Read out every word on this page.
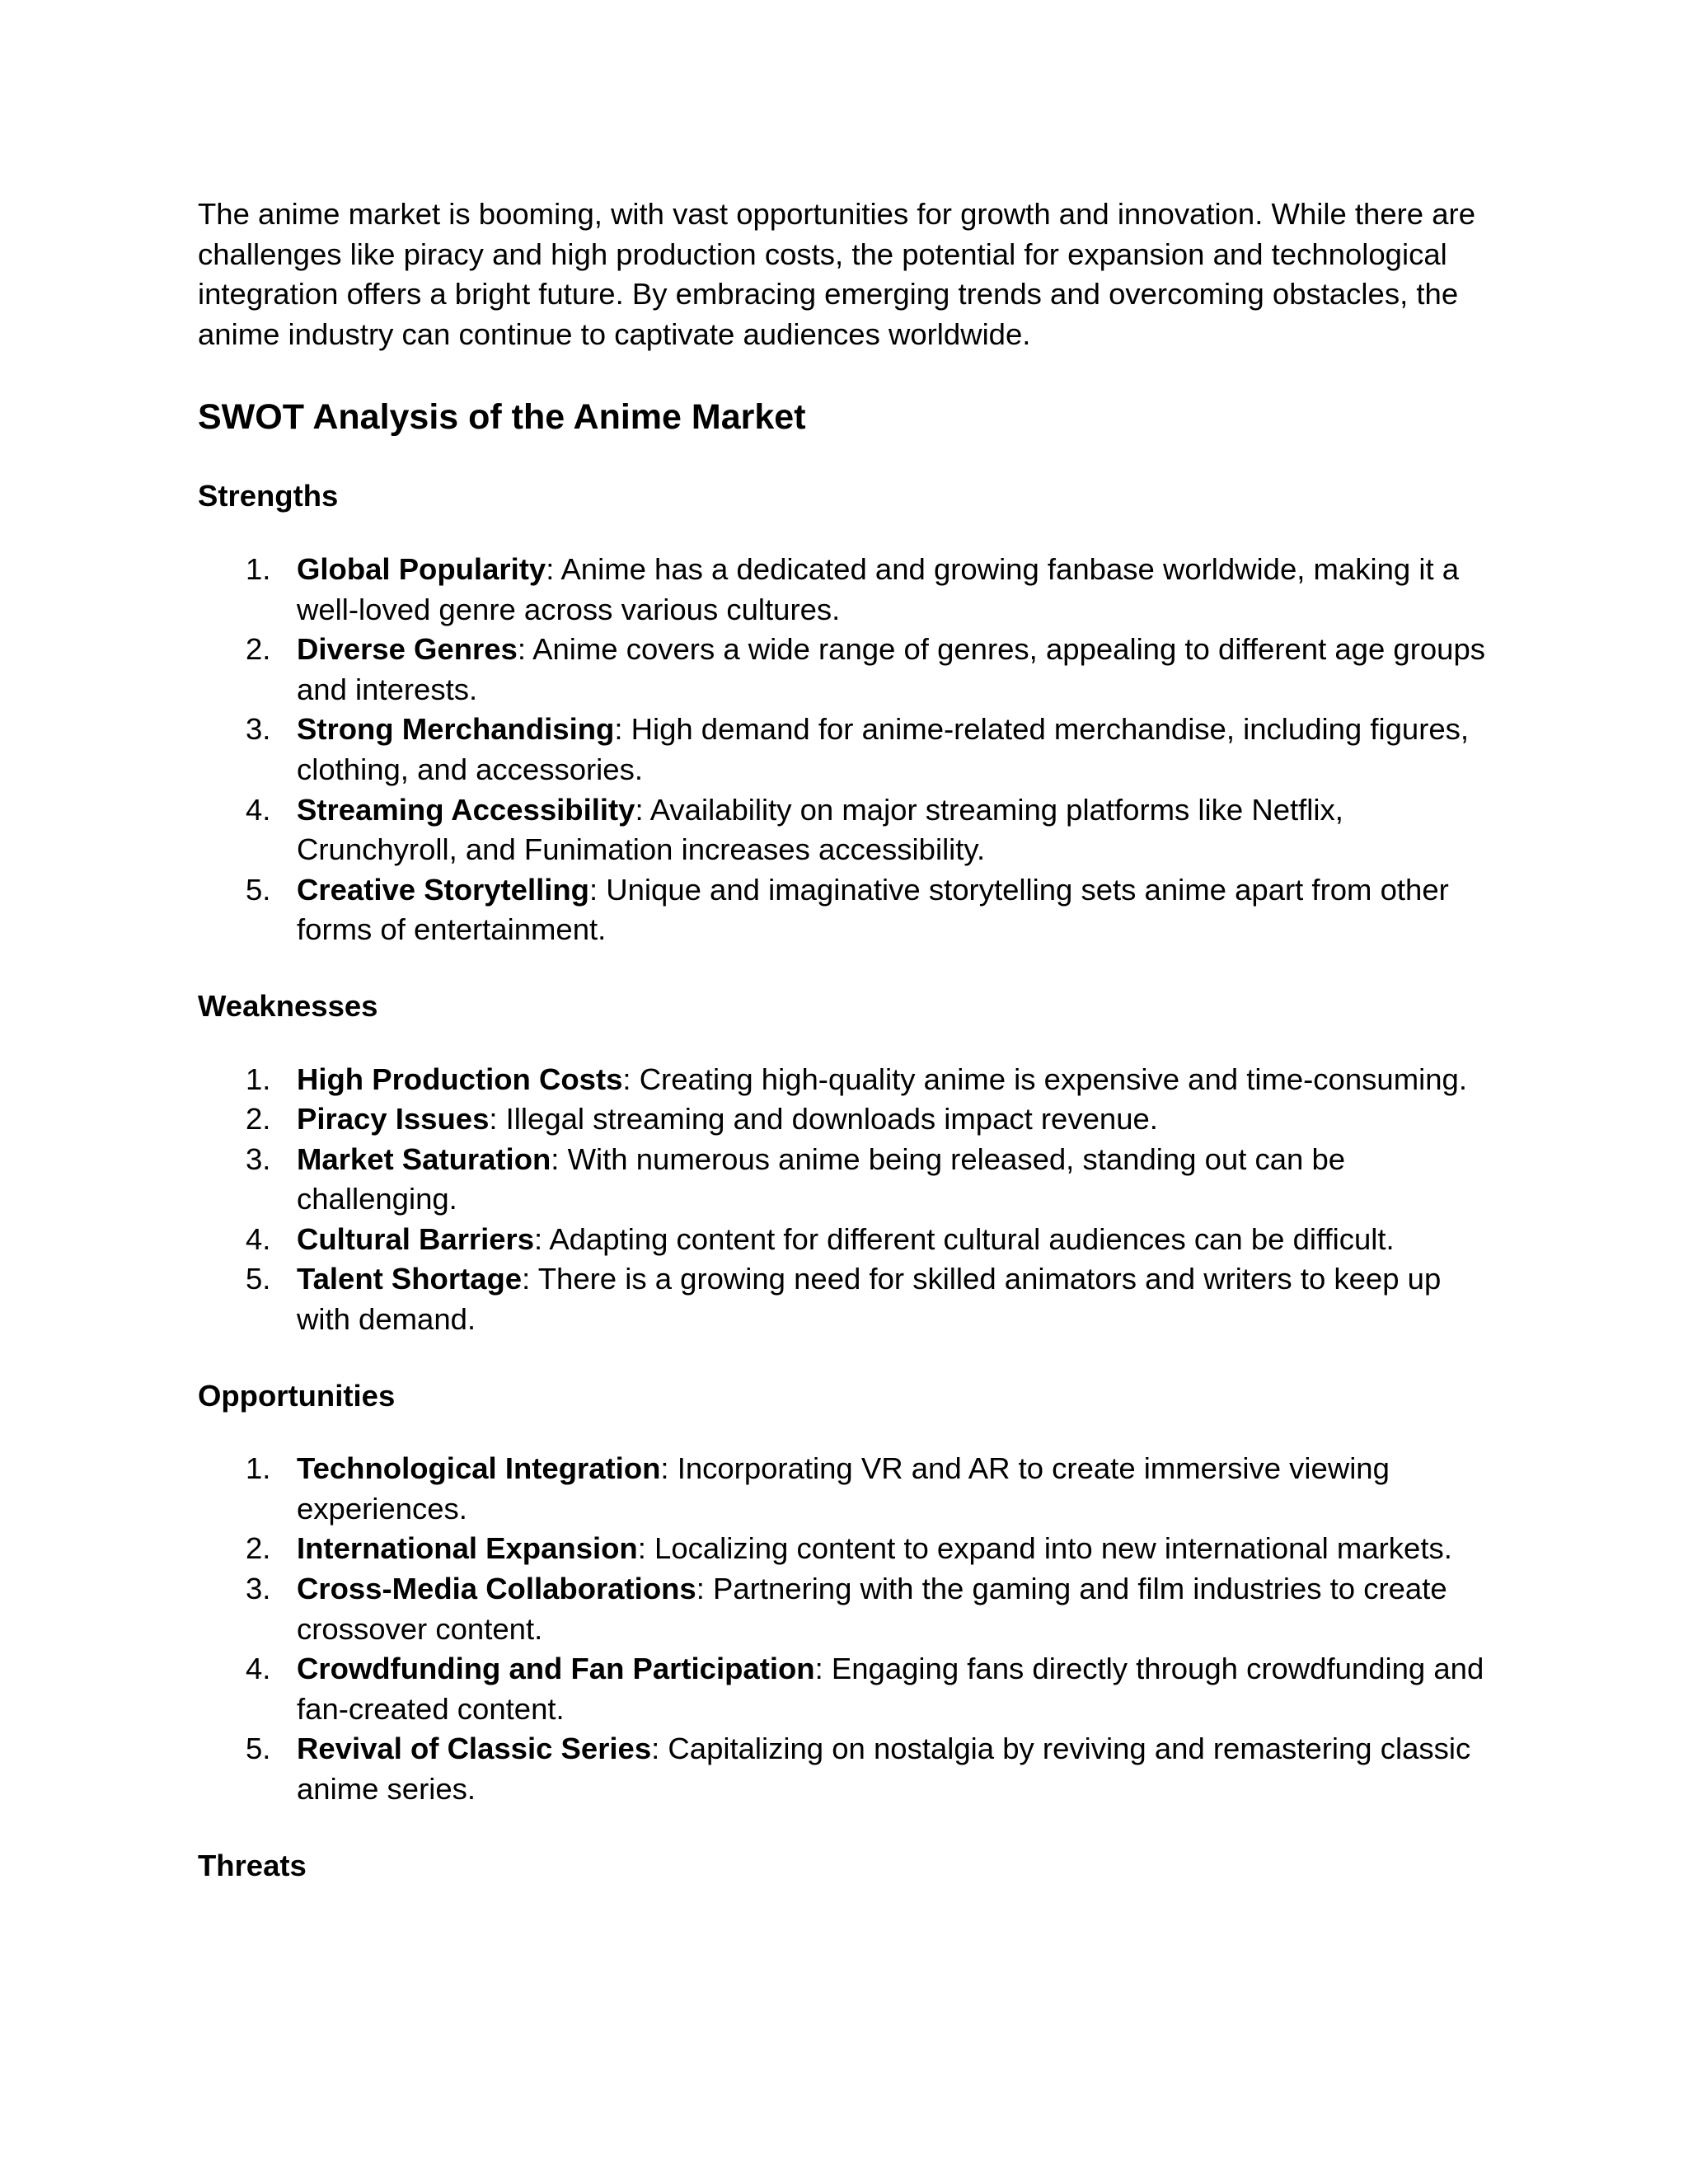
The anime market is booming, with vast opportunities for growth and innovation. While there are challenges like piracy and high production costs, the potential for expansion and technological integration offers a bright future. By embracing emerging trends and overcoming obstacles, the anime industry can continue to captivate audiences worldwide.

SWOT Analysis of the Anime Market
Strengths
1. Global Popularity: Anime has a dedicated and growing fanbase worldwide, making it a well-loved genre across various cultures.
2. Diverse Genres: Anime covers a wide range of genres, appealing to different age groups and interests.
3. Strong Merchandising: High demand for anime-related merchandise, including figures, clothing, and accessories.
4. Streaming Accessibility: Availability on major streaming platforms like Netflix, Crunchyroll, and Funimation increases accessibility.
5. Creative Storytelling: Unique and imaginative storytelling sets anime apart from other forms of entertainment.
Weaknesses
1. High Production Costs: Creating high-quality anime is expensive and time-consuming.
2. Piracy Issues: Illegal streaming and downloads impact revenue.
3. Market Saturation: With numerous anime being released, standing out can be challenging.
4. Cultural Barriers: Adapting content for different cultural audiences can be difficult.
5. Talent Shortage: There is a growing need for skilled animators and writers to keep up with demand.
Opportunities
1. Technological Integration: Incorporating VR and AR to create immersive viewing experiences.
2. International Expansion: Localizing content to expand into new international markets.
3. Cross-Media Collaborations: Partnering with the gaming and film industries to create crossover content.
4. Crowdfunding and Fan Participation: Engaging fans directly through crowdfunding and fan-created content.
5. Revival of Classic Series: Capitalizing on nostalgia by reviving and remastering classic anime series.
Threats
